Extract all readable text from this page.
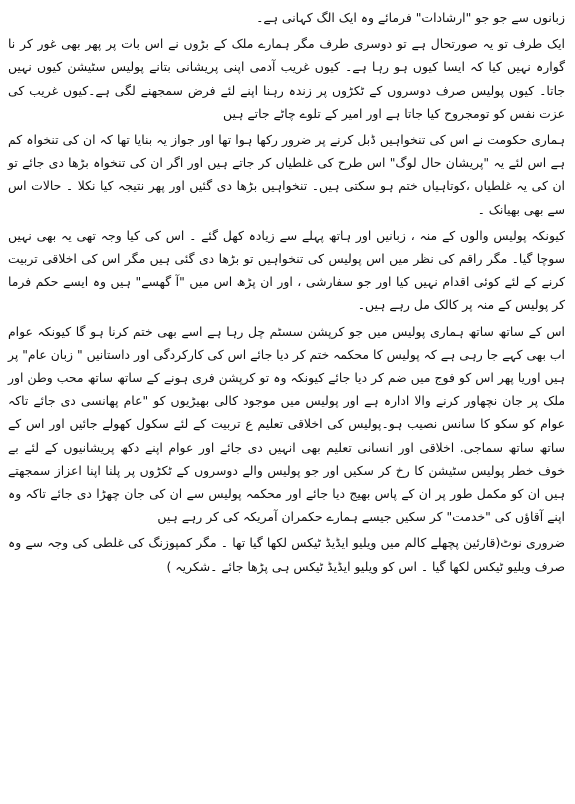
زبانوں سے جو جو "ارشادات" فرمائے وہ ایک الگ کہانی ہے۔

ایک طرف تو یہ صورتحال ہے تو دوسری طرف مگر ہمارے ملک کے بڑوں نے اس بات پر پھر بھی غور کر نا گوارہ نہیں کیا کہ ایسا کیوں ہو رہا ہے۔ کیوں غریب آدمی اپنی پریشانی بتانے پولیس سٹیشن کیوں نہیں جاتا۔ کیوں پولیس صرف دوسروں کے ٹکڑوں پر زندہ رہنا اپنے لئے فرض سمجھنے لگی ہے۔کیوں غریب کی عزت نفس کو تومجروح کیا جاتا ہے اور امیر کے تلوے چاٹے جاتے ہیں

ہماری حکومت نے اس کی تنخواہیں ڈبل کرنے پر ضرور رکھا ہوا تھا اور جواز یہ بنایا تھا کہ ان کی تنخواہ کم ہے اس لئے یہ "پریشان حال لوگ" اس طرح کی غلطیاں کر جاتے ہیں اور اگر ان کی تنخواہ بڑھا دی جائے تو ان کی یہ غلطیاں ،کوتاہیاں ختم ہو سکتی ہیں۔ تنخواہیں بڑھا دی گئیں اور پھر نتیجہ کیا نکلا ۔ حالات اس سے بھی بھیانک ۔

کیونکہ پولیس والوں کے منہ ، زبانیں اور ہاتھ پہلے سے زیادہ کھل گئے ۔ اس کی کیا وجہ تھی یہ بھی نہیں سوچا گیا۔ مگر راقم کی نظر میں اس پولیس کی تنخواہیں تو بڑھا دی گئی ہیں مگر اس کی اخلاقی تربیت کرنے کے لئے کوئی اقدام نہیں کیا اور جو سفارشی ، اور ان پڑھ اس میں "آ گھسے" ہیں وہ ایسے حکم فرما کر پولیس کے منہ پر کالک مل رہے ہیں۔

اس کے ساتھ ساتھ ہماری پولیس میں جو کرپشن سسٹم چل رہا ہے اسے بھی ختم کرنا ہو گا کیونکہ عوام اب بھی کہے جا رہی ہے کہ پولیس کا محکمہ ختم کر دیا جائے اس کی کارکردگی اور داستانیں " زبان عام" پر ہیں اوریا پھر اس کو فوج میں ضم کر دیا جائے کیونکہ وہ تو کرپشن فری ہونے کے ساتھ ساتھ محب وطن اور ملک پر جان نچھاور کرنے والا ادارہ ہے اور پولیس میں موجود کالی بھیڑیوں کو "عام پھانسی دی جائے تاکہ عوام کو سکو کا سانس نصیب ہو۔پولیس کی اخلاقی تعلیم ع تربیت کے لئے سکول کھولے جائیں اور اس کے ساتھ ساتھ سماجی. اخلاقی اور انسانی تعلیم بھی انہیں دی جائے اور عوام اپنے دکھ پریشانیوں کے لئے بے خوف خطر پولیس سٹیشن کا رخ کر سکیں اور جو پولیس والے دوسروں کے ٹکڑوں پر پلنا اپنا اعزاز سمجھتے ہیں ان کو مکمل طور پر ان کے پاس بھیج دیا جائے اور محکمہ پولیس سے ان کی جان چھڑا دی جائے تاکہ وہ اپنے آقاؤں کی "خدمت" کر سکیں جیسے ہمارے حکمران آمریکہ کی کر رہے ہیں

ضروری نوٹ(قارئین پچھلے کالم میں ویلیو ایڈیڈ ٹیکس لکھا گیا تھا ۔ مگر کمپوزنگ کی غلطی کی وجہ سے وہ صرف ویلیو ٹیکس لکھا گیا ۔ اس کو ویلیو ایڈیڈ ٹیکس ہی پڑھا جائے ۔شکریہ )
